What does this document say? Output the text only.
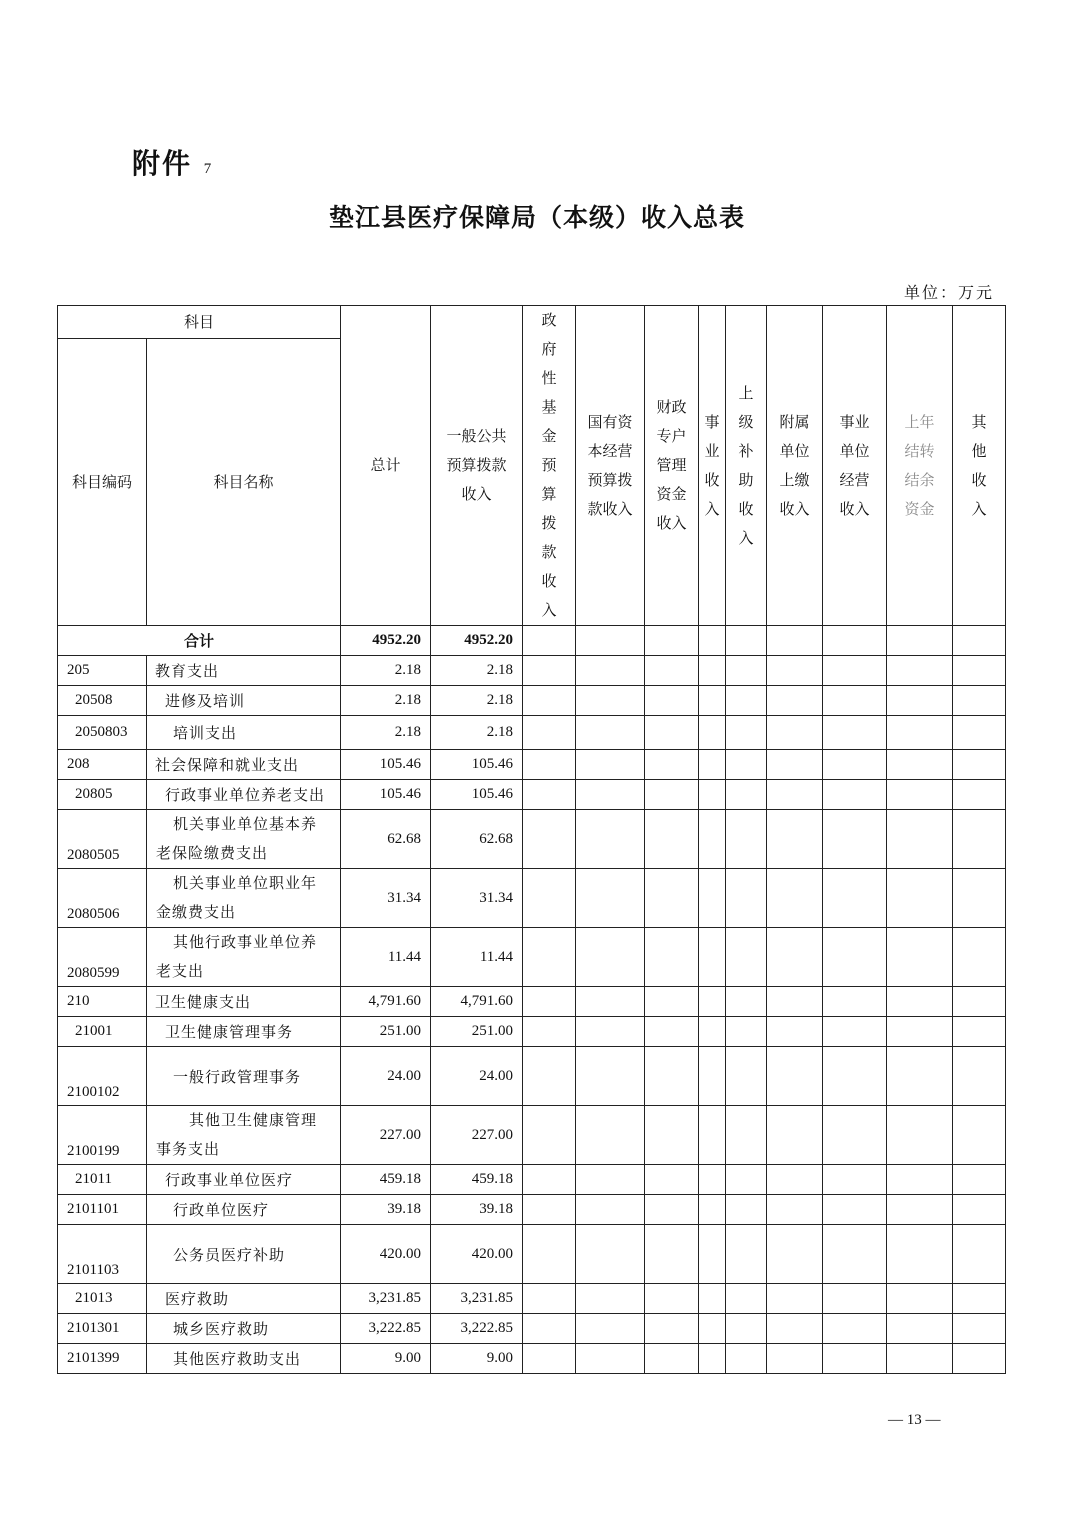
附件 7
垫江县医疗保障局（本级）收入总表
单位：万元
科目		总计	一般公共预算拨款收入	政府性基金预算拨款收入	国有资本经营预算拨款收入	财政专户管理资金收入	事业收入	上级补助收入	附属单位上缴收入	事业单位经营收入	上年结转结余资金	其他收入

科目编码	科目名称											
合计		4952.20	4952.20									
205	教育支出	2.18	2.18									
20508	进修及培训	2.18	2.18									
2050803	培训支出	2.18	2.18									
208	社会保障和就业支出	105.46	105.46									
20805	行政事业单位养老支出	105.46	105.46									
2080505	机关事业单位基本养
老保险缴费支出	62.68	62.68									
2080506	机关事业单位职业年
金缴费支出	31.34	31.34									
2080599	其他行政事业单位养
老支出	11.44	11.44									
210	卫生健康支出	4,791.60	4,791.60									
21001	卫生健康管理事务	251.00	251.00									
2100102	一般行政管理事务	24.00	24.00									
2100199	其他卫生健康管理
事务支出	227.00	227.00									
21011	行政事业单位医疗	459.18	459.18									
2101101	行政单位医疗	39.18	39.18									
2101103	公务员医疗补助	420.00	420.00									
21013	医疗救助	3,231.85	3,231.85									
2101301	城乡医疗救助	3,222.85	3,222.85									
2101399	其他医疗救助支出	9.00	9.00									
— 13 —
